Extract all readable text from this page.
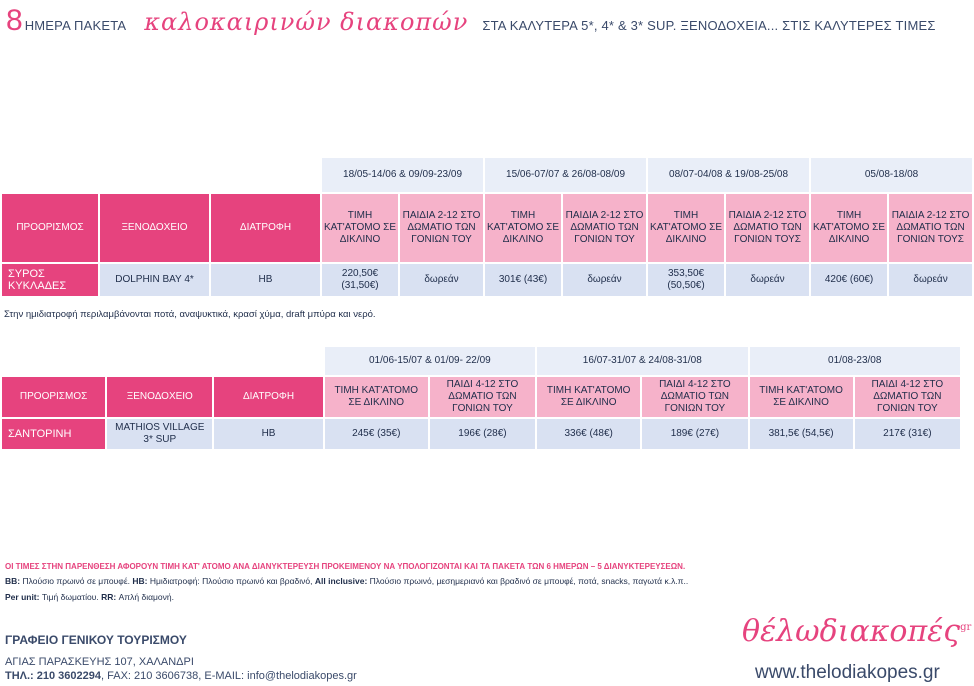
8 ΗΜΕΡΑ ΠΑΚΕΤΑ καλοκαιρινών διακοπών ΣΤΑ ΚΑΛΥΤΕΡΑ 5*, 4* & 3* SUP. ΞΕΝΟΔΟΧΕΙΑ... ΣΤΙΣ ΚΑΛΥΤΕΡΕΣ ΤΙΜΕΣ
			18/05-14/06 & 09/09-23/09		15/06-07/07 & 26/08-08/09		08/07-04/08 & 19/08-25/08		05/08-18/08	
ΠΡΟΟΡΙΣΜΟΣ	ΞΕΝΟΔΟΧΕΙΟ	ΔΙΑΤΡΟΦΗ	ΤΙΜΗ ΚΑΤ'ΑΤΟΜΟ ΣΕ ΔΙΚΛΙΝΟ	ΠΑΙΔΙΑ 2-12 ΣΤΟ ΔΩΜΑΤΙΟ ΤΩΝ ΓΟΝΙΩΝ ΤΟΥ	ΤΙΜΗ ΚΑΤ'ΑΤΟΜΟ ΣΕ ΔΙΚΛΙΝΟ	ΠΑΙΔΙΑ 2-12 ΣΤΟ ΔΩΜΑΤΙΟ ΤΩΝ ΓΟΝΙΩΝ ΤΟΥ	ΤΙΜΗ ΚΑΤ'ΑΤΟΜΟ ΣΕ ΔΙΚΛΙΝΟ	ΠΑΙΔΙΑ 2-12 ΣΤΟ ΔΩΜΑΤΙΟ ΤΩΝ ΓΟΝΙΩΝ ΤΟΥΣ	ΤΙΜΗ ΚΑΤ'ΑΤΟΜΟ ΣΕ ΔΙΚΛΙΝΟ	ΠΑΙΔΙΑ 2-12 ΣΤΟ ΔΩΜΑΤΙΟ ΤΩΝ ΓΟΝΙΩΝ ΤΟΥΣ
ΣΥΡΟΣ ΚΥΚΛΑΔΕΣ	DOLPHIN BAY 4*	HB	220,50€ (31,50€)	δωρεάν	301€ (43€)	δωρεάν	353,50€ (50,50€)	δωρεάν	420€ (60€)	δωρεάν
Στην ημιδιατροφή περιλαμβάνονται ποτά, αναψυκτικά, κρασί χύμα, draft μπύρα και νερό.
			01/06-15/07 & 01/09- 22/09		16/07-31/07 & 24/08-31/08		01/08-23/08	
ΠΡΟΟΡΙΣΜΟΣ	ΞΕΝΟΔΟΧΕΙΟ	ΔΙΑΤΡΟΦΗ	ΤΙΜΗ ΚΑΤ'ΑΤΟΜΟ ΣΕ ΔΙΚΛΙΝΟ	ΠΑΙΔΙ 4-12 ΣΤΟ ΔΩΜΑΤΙΟ ΤΩΝ ΓΟΝΙΩΝ ΤΟΥ	ΤΙΜΗ ΚΑΤ'ΑΤΟΜΟ ΣΕ ΔΙΚΛΙΝΟ	ΠΑΙΔΙ 4-12 ΣΤΟ ΔΩΜΑΤΙΟ ΤΩΝ ΓΟΝΙΩΝ ΤΟΥ	ΤΙΜΗ ΚΑΤ'ΑΤΟΜΟ ΣΕ ΔΙΚΛΙΝΟ	ΠΑΙΔΙ 4-12 ΣΤΟ ΔΩΜΑΤΙΟ ΤΩΝ ΓΟΝΙΩΝ ΤΟΥ
ΣΑΝΤΟΡΙΝΗ	MATHIOS VILLAGE 3* SUP	HB	245€ (35€)	196€ (28€)	336€ (48€)	189€ (27€)	381,5€ (54,5€)	217€ (31€)
ΟΙ ΤΙΜΕΣ ΣΤΗΝ ΠΑΡΕΝΘΕΣΗ ΑΦΟΡΟΥΝ ΤΙΜΗ ΚΑΤ' ΑΤΟΜΟ ΑΝΑ ΔΙΑΝΥΚΤΕΡΕΥΣΗ ΠΡΟΚΕΙΜΕΝΟΥ ΝΑ ΥΠΟΛΟΓΙΖΟΝΤΑΙ ΚΑΙ ΤΑ ΠΑΚΕΤΑ ΤΩΝ 6 ΗΜΕΡΩΝ – 5 ΔΙΑΝΥΚΤΕΡΕΥΣΕΩΝ.
BB: Πλούσιο πρωινό σε μπουφέ. HB: Ημιδιατροφή: Πλούσιο πρωινό και βραδινό, All inclusive: Πλούσιο πρωινό, μεσημεριανό και βραδινό σε μπουφέ, ποτά, snacks, παγωτά κ.λ.π..
Per unit: Τιμή δωματίου. RR: Απλή διαμονή.
ΓΡΑΦΕΙΟ ΓΕΝΙΚΟΥ ΤΟΥΡΙΣΜΟΥ
ΑΓΙΑΣ ΠΑΡΑΣΚΕΥΗΣ 107, ΧΑΛΑΝΔΡΙ
ΤΗΛ.: 210 3602294, FAX: 210 3606738, E-MAIL: info@thelodiakopes.gr
θέλωδιακοπές$^{gr}$
www.thelodiakopes.gr
